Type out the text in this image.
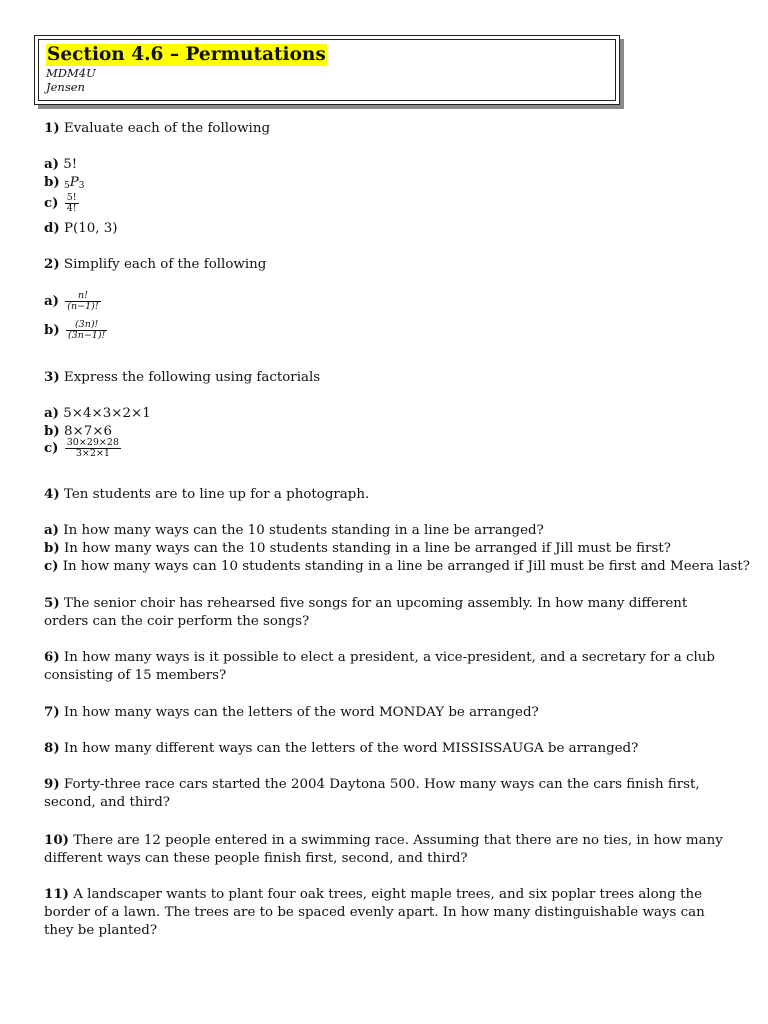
Section 4.6 – Permutations
MDM4U
Jensen
1) Evaluate each of the following
a) 5!
b) $_5P_3$
$c) \frac{5!}{4!}$
d) P(10, 3)
2) Simplify each of the following
$a) \frac{n!}{(n-1)!}$
$b) \frac{(3n)!}{(3n-1)!}$
3) Express the following using factorials
a) 5×4×3×2×1
b) 8×7×6
$c) \frac{30\times 29\times 28}{3\times 2\times 1}$
4) Ten students are to line up for a photograph.
a) In how many ways can the 10 students standing in a line be arranged?
b) In how many ways can the 10 students standing in a line be arranged if Jill must be first?
c) In how many ways can 10 students standing in a line be arranged if Jill must be first and Meera last?
5) The senior choir has rehearsed five songs for an upcoming assembly. In how many different orders can the coir perform the songs?
6) In how many ways is it possible to elect a president, a vice-president, and a secretary for a club consisting of 15 members?
7) In how many ways can the letters of the word MONDAY be arranged?
8) In how many different ways can the letters of the word MISSISSAUGA be arranged?
9) Forty-three race cars started the 2004 Daytona 500. How many ways can the cars finish first, second, and third?
10) There are 12 people entered in a swimming race. Assuming that there are no ties, in how many different ways can these people finish first, second, and third?
11) A landscaper wants to plant four oak trees, eight maple trees, and six poplar trees along the border of a lawn. The trees are to be spaced evenly apart. In how many distinguishable ways can they be planted?
